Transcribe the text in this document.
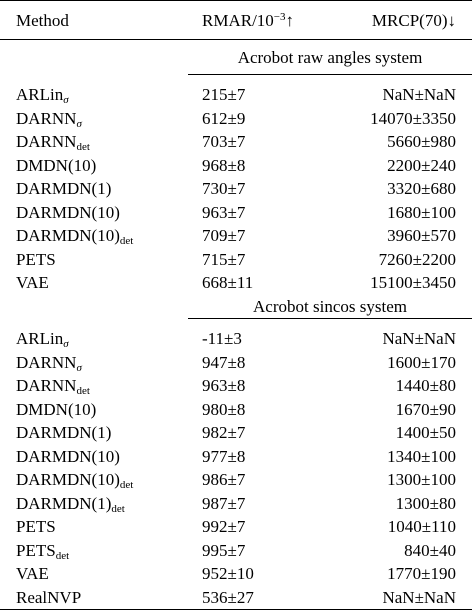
Method	RMAR/$10^{-3}↑$	MRCP(70)↓
	Acrobot raw angles system	

ARLin$_\sigma$	215±7	NaN±NaN
$DARNN_\sigma$	612±9	14070±3350
$DARNN_{det}$	703±7	5660±980
DMDN(10)	968±8	2200±240
DARMDN(1)	730±7	3320±680
DARMDN(10)	963±7	1680±100
$DARMDN(10)_{det}$	709±7	3960±570
PETS	715±7	7260±2200
VAE	668±11	15100±3450
	Acrobot sincos system	

ARLin$_\sigma$	-11±3	NaN±NaN
$DARNN_\sigma$	947±8	1600±170
$DARNN_{det}$	963±8	1440±80
DMDN(10)	980±8	1670±90
DARMDN(1)	982±7	1400±50
DARMDN(10)	977±8	1340±100
$DARMDN(10)_{det}$	986±7	1300±100
$DARMDN(1)_{det}$	987±7	1300±80
PETS	992±7	1040±110
$PETS_{det}$	995±7	840±40
VAE	952±10	1770±190
RealNVP	536±27	NaN±NaN
